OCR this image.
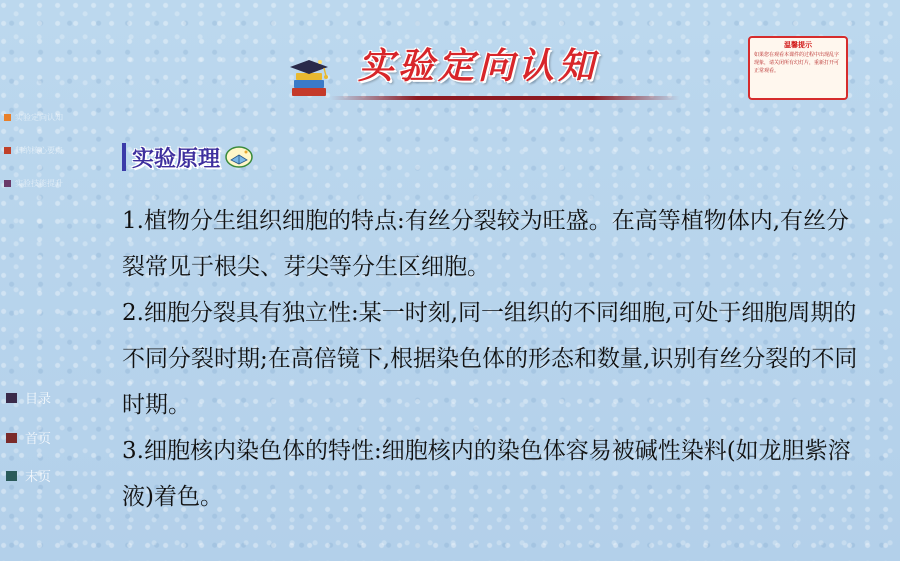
实验定向认知
温馨提示
如果您在观看本课件的过程中出现乱字现象，请关闭所有幻灯片，重新打开可正常观看。
实验定向认知
归纳核心要点
实验技能提升
目录
首页
末页
实验原理

1.植物分生组织细胞的特点:有丝分裂较为旺盛。在高等植物体内,有丝分裂常见于根尖、芽尖等分生区细胞。

2.细胞分裂具有独立性:某一时刻,同一组织的不同细胞,可处于细胞周期的不同分裂时期;在高倍镜下,根据染色体的形态和数量,识别有丝分裂的不同时期。

3.细胞核内染色体的特性:细胞核内的染色体容易被碱性染料(如龙胆紫溶液)着色。
